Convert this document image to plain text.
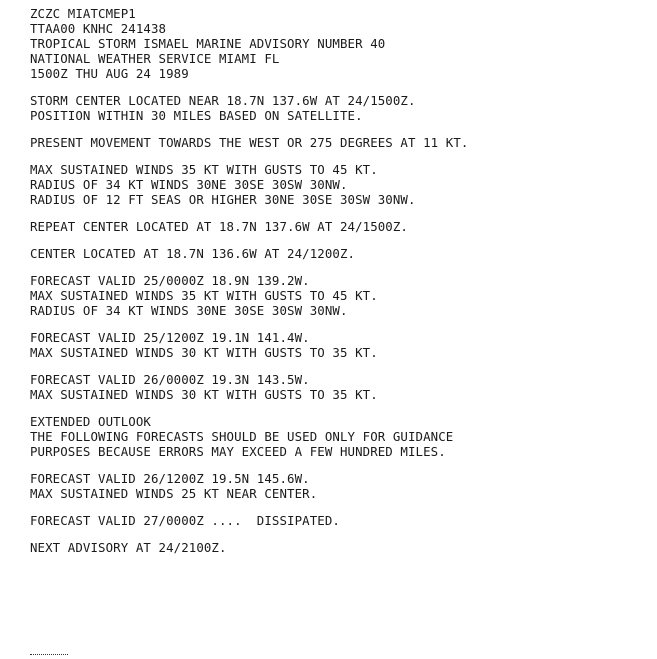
ZCZC MIATCMEP1
TTAA00 KNHC 241438
TROPICAL STORM ISMAEL MARINE ADVISORY NUMBER 40
NATIONAL WEATHER SERVICE MIAMI FL
1500Z THU AUG 24 1989
STORM CENTER LOCATED NEAR 18.7N 137.6W AT 24/1500Z.
POSITION WITHIN 30 MILES BASED ON SATELLITE.
PRESENT MOVEMENT TOWARDS THE WEST OR 275 DEGREES AT 11 KT.
MAX SUSTAINED WINDS 35 KT WITH GUSTS TO 45 KT.
RADIUS OF 34 KT WINDS 30NE 30SE 30SW 30NW.
RADIUS OF 12 FT SEAS OR HIGHER 30NE 30SE 30SW 30NW.
REPEAT CENTER LOCATED AT 18.7N 137.6W AT 24/1500Z.
CENTER LOCATED AT 18.7N 136.6W AT 24/1200Z.
FORECAST VALID 25/0000Z 18.9N 139.2W.
MAX SUSTAINED WINDS 35 KT WITH GUSTS TO 45 KT.
RADIUS OF 34 KT WINDS 30NE 30SE 30SW 30NW.
FORECAST VALID 25/1200Z 19.1N 141.4W.
MAX SUSTAINED WINDS 30 KT WITH GUSTS TO 35 KT.
FORECAST VALID 26/0000Z 19.3N 143.5W.
MAX SUSTAINED WINDS 30 KT WITH GUSTS TO 35 KT.
EXTENDED OUTLOOK
THE FOLLOWING FORECASTS SHOULD BE USED ONLY FOR GUIDANCE
PURPOSES BECAUSE ERRORS MAY EXCEED A FEW HUNDRED MILES.
FORECAST VALID 26/1200Z 19.5N 145.6W.
MAX SUSTAINED WINDS 25 KT NEAR CENTER.
FORECAST VALID 27/0000Z ....  DISSIPATED.
NEXT ADVISORY AT 24/2100Z.
